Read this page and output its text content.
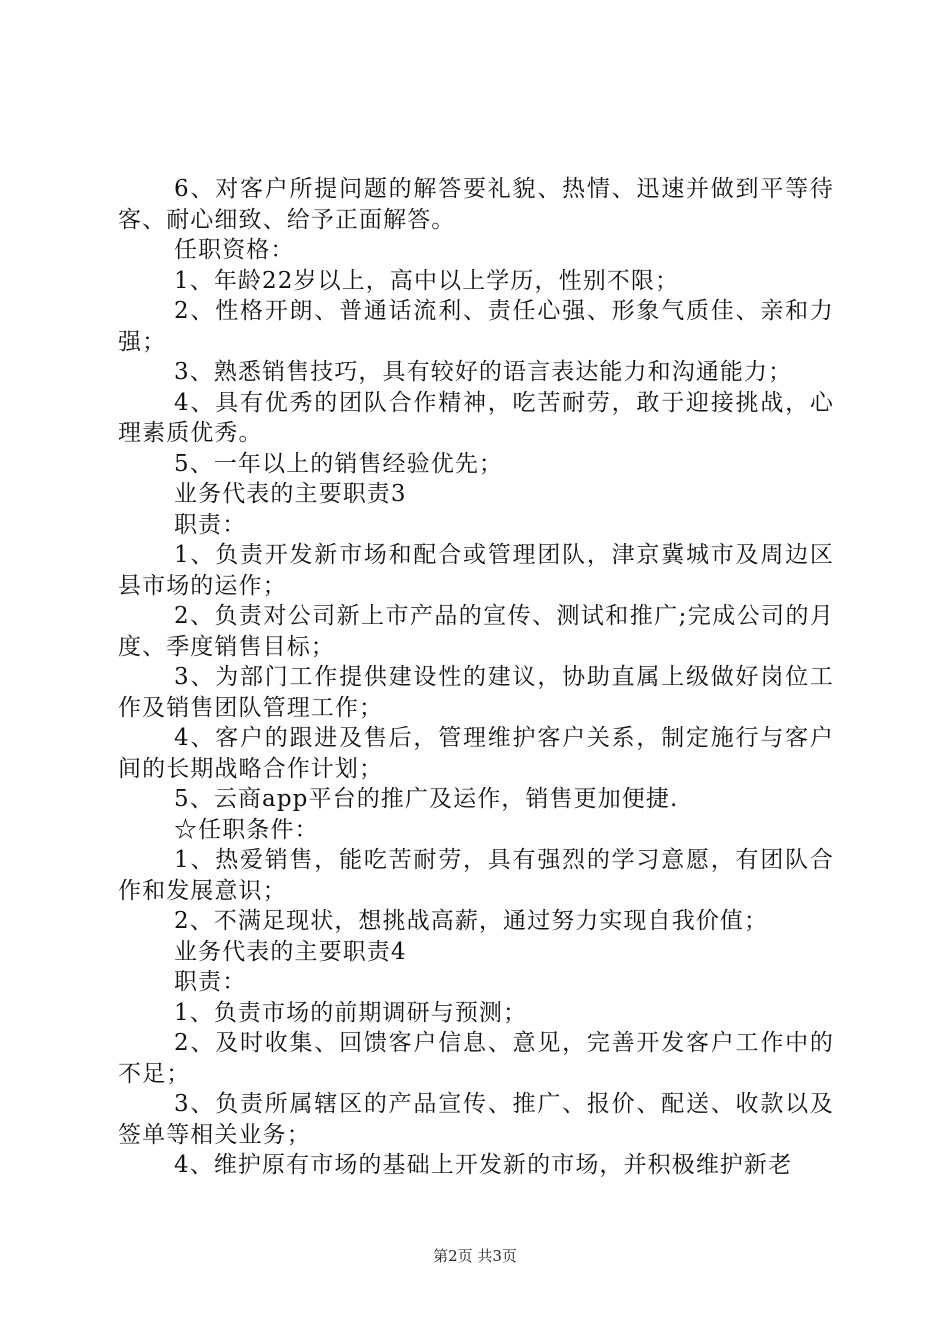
6、对客户所提问题的解答要礼貌、热情、迅速并做到平等待客、耐心细致、给予正面解答。

任职资格：

1、年龄22岁以上，高中以上学历，性别不限；

2、性格开朗、普通话流利、责任心强、形象气质佳、亲和力强；

3、熟悉销售技巧，具有较好的语言表达能力和沟通能力；

4、具有优秀的团队合作精神，吃苦耐劳，敢于迎接挑战，心理素质优秀。

5、一年以上的销售经验优先；

业务代表的主要职责3

职责：

1、负责开发新市场和配合或管理团队，津京冀城市及周边区县市场的运作；

2、负责对公司新上市产品的宣传、测试和推广;完成公司的月度、季度销售目标；

3、为部门工作提供建设性的建议，协助直属上级做好岗位工作及销售团队管理工作；

4、客户的跟进及售后，管理维护客户关系，制定施行与客户间的长期战略合作计划；

5、云商app平台的推广及运作，销售更加便捷.

☆任职条件：

1、热爱销售，能吃苦耐劳，具有强烈的学习意愿，有团队合作和发展意识；

2、不满足现状，想挑战高薪，通过努力实现自我价值；

业务代表的主要职责4

职责：

1、负责市场的前期调研与预测；

2、及时收集、回馈客户信息、意见，完善开发客户工作中的不足；

3、负责所属辖区的产品宣传、推广、报价、配送、收款以及签单等相关业务；

4、维护原有市场的基础上开发新的市场，并积极维护新老

第2页 共3页
